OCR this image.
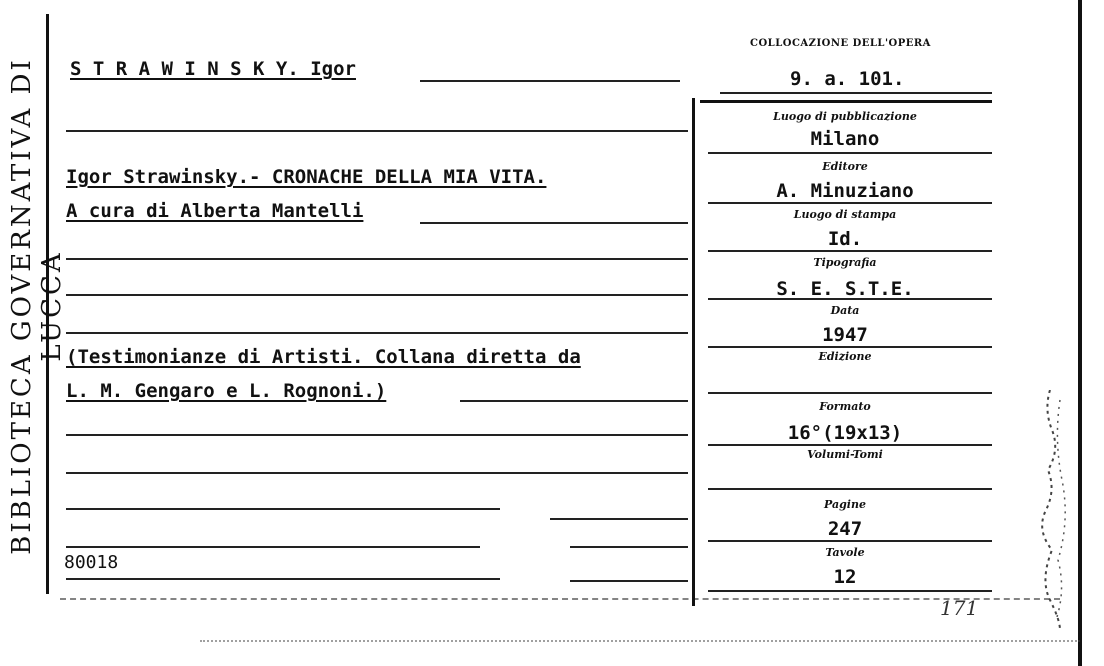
BIBLIOTECA GOVERNATIVA DI LUCCA
COLLOCAZIONE DELL'OPERA
9. a. 101.
S T R A W I N S K Y. Igor
Igor Strawinsky.- CRONACHE DELLA MIA VITA.
A cura di Alberta Mantelli
(Testimonianze di Artisti. Collana diretta da
L. M. Gengaro e L. Rognoni.)
80018
Luogo di pubblicazione
Milano
Editore
A. Minuziano
Luogo di stampa
Id.
Tipografia
S. E. S.T.E.
Data
1947
Edizione
Formato
16°(19x13)
Volumi-Tomi
Pagine
247
Tavole
12
171
